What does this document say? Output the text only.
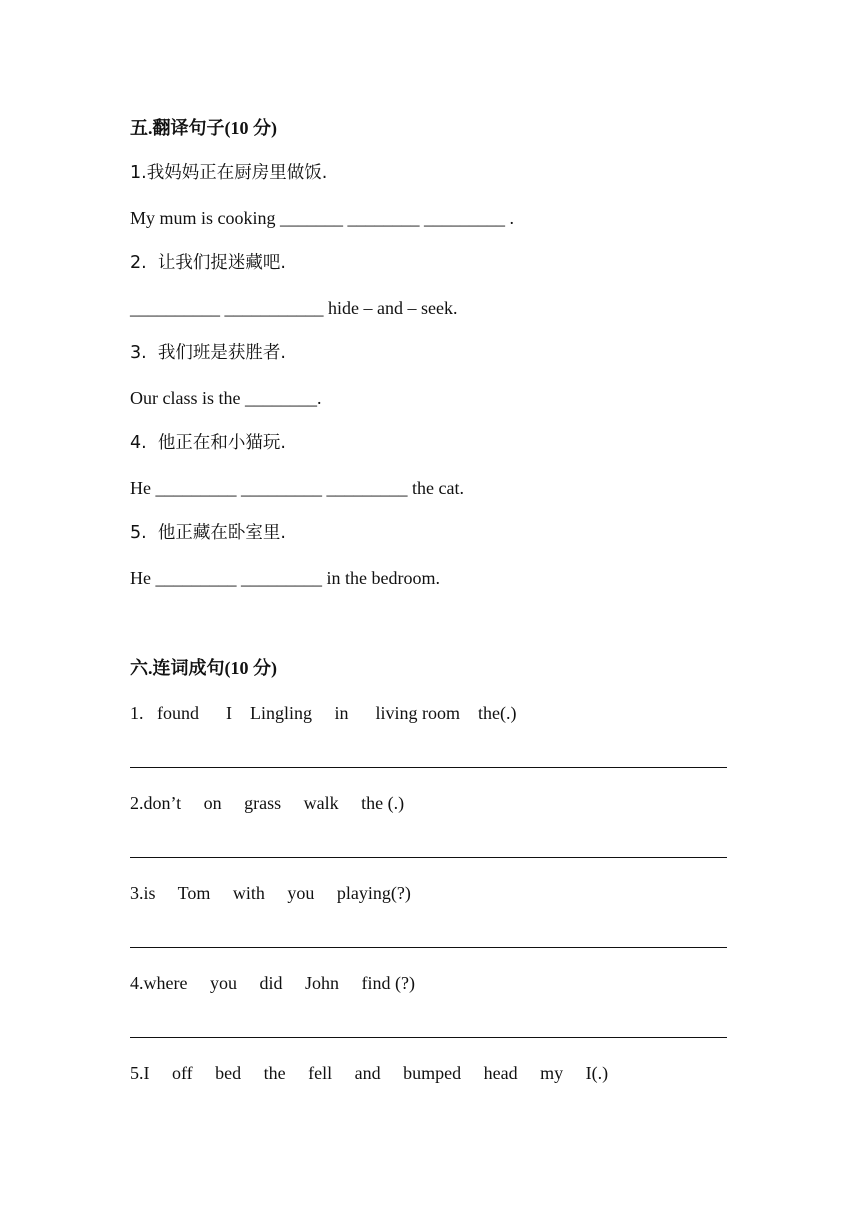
五.翻译句子(10 分)
1.我妈妈正在厨房里做饭.
My mum is cooking _______ ________ _________ .
2.  让我们捉迷藏吧.
__________ ___________ hide – and – seek.
3.  我们班是获胜者.
Our class is the ________.
4.  他正在和小猫玩.
He _________ _________ _________ the cat.
5.  他正藏在卧室里.
He _________ _________ in the bedroom.
六.连词成句(10 分)
1.   found      I    Lingling     in      living room    the(.)
2.don’t     on     grass     walk     the (.)
3.is     Tom     with     you     playing(?)
4.where     you     did     John     find (?)
5.I     off     bed     the     fell     and     bumped     head     my     I(.)
